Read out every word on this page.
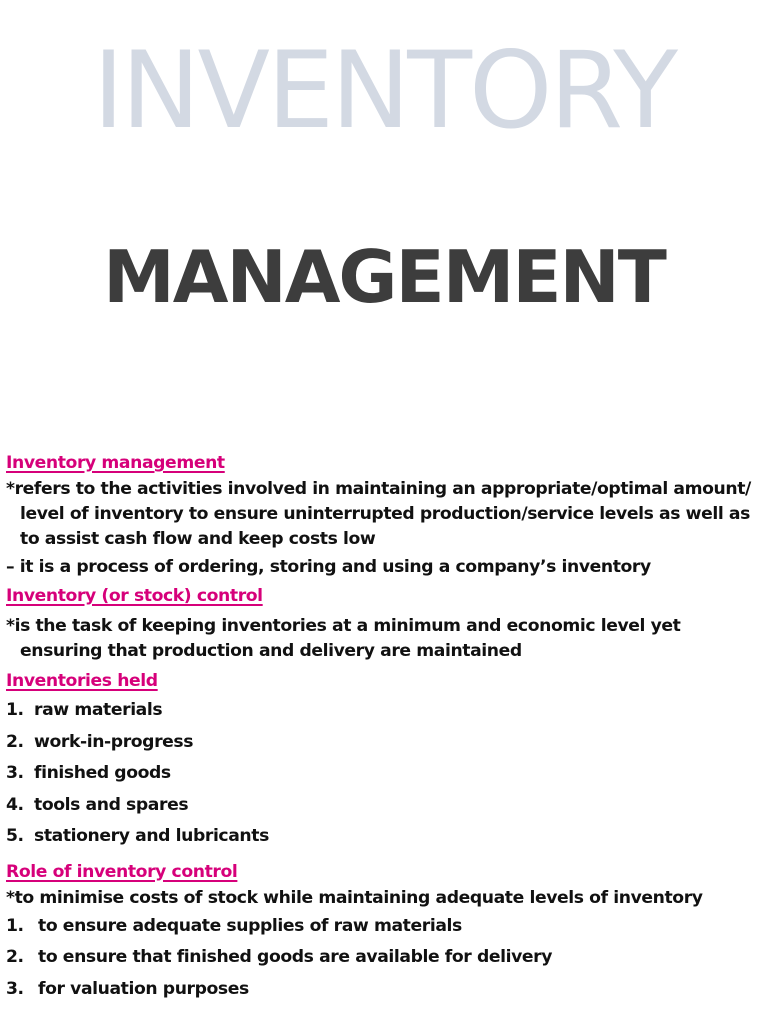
INVENTORY
MANAGEMENT
Inventory management
*refers to the activities involved in maintaining an appropriate/optimal amount/ level of inventory to ensure uninterrupted production/service levels as well as to assist cash flow and keep costs low
– it is a process of ordering, storing and using a company’s inventory
Inventory (or stock) control
*is the task of keeping inventories at a minimum and economic level yet ensuring that production and delivery are maintained
Inventories held
1. raw materials
2. work-in-progress
3. finished goods
4. tools and spares
5. stationery and lubricants
Role of inventory control
*to minimise costs of stock while maintaining adequate levels of inventory
1. to ensure adequate supplies of raw materials
2. to ensure that finished goods are available for delivery
3. for valuation purposes
